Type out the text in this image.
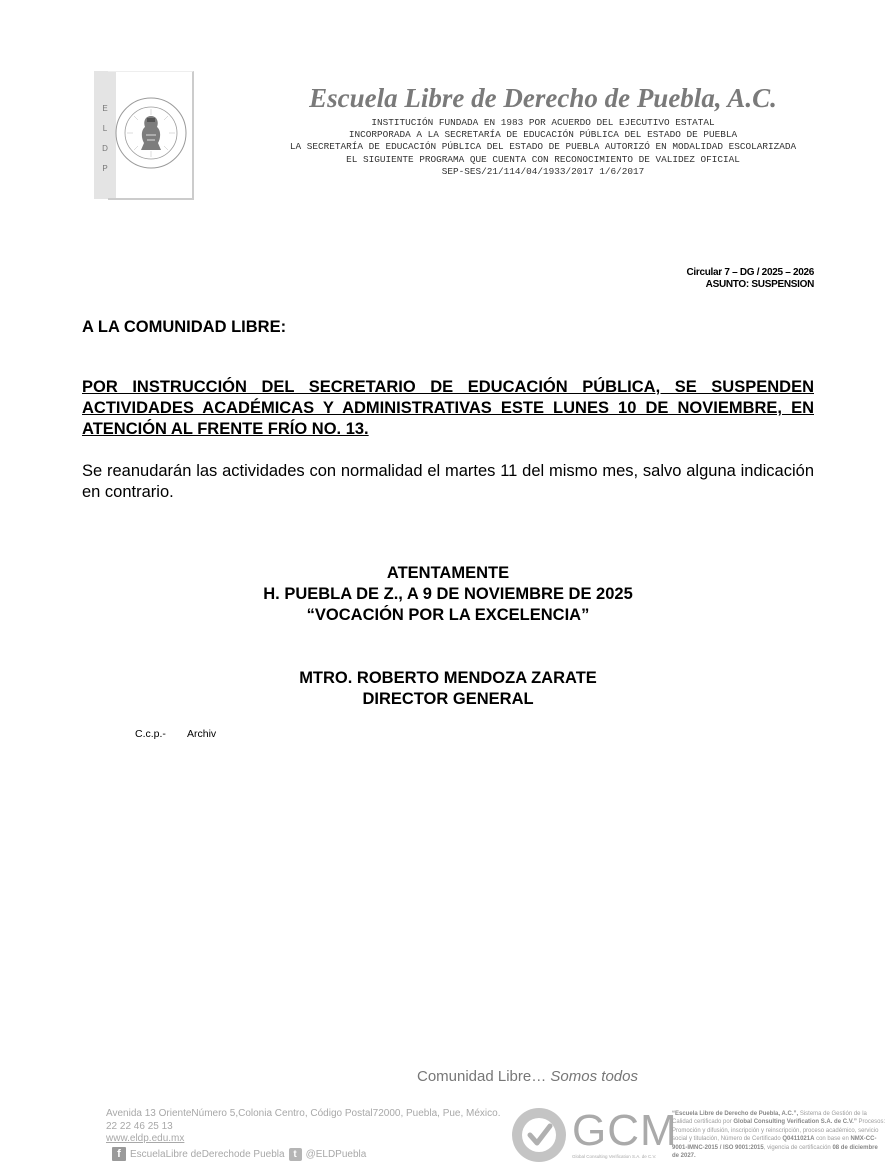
E
L
D
P
Escuela Libre de Derecho de Puebla, A.C.
INSTITUCIÓN FUNDADA EN 1983 POR ACUERDO DEL EJECUTIVO ESTATAL
INCORPORADA A LA SECRETARÍA DE EDUCACIÓN PÚBLICA DEL ESTADO DE PUEBLA
LA SECRETARÍA DE EDUCACIÓN PÚBLICA DEL ESTADO DE PUEBLA AUTORIZÓ EN MODALIDAD ESCOLARIZADA
EL SIGUIENTE PROGRAMA QUE CUENTA CON RECONOCIMIENTO DE VALIDEZ OFICIAL
SEP-SES/21/114/04/1933/2017 1/6/2017
Circular 7 – DG / 2025 – 2026
ASUNTO: SUSPENSION
A LA COMUNIDAD LIBRE:
POR INSTRUCCIÓN DEL SECRETARIO DE EDUCACIÓN PÚBLICA, SE SUSPENDEN ACTIVIDADES ACADÉMICAS Y ADMINISTRATIVAS ESTE LUNES 10 DE NOVIEMBRE, EN ATENCIÓN AL FRENTE FRÍO NO. 13.
Se reanudarán las actividades con normalidad el martes 11 del mismo mes, salvo alguna indicación en contrario.
ATENTAMENTE
H. PUEBLA DE Z., A 9 DE NOVIEMBRE DE 2025
“VOCACIÓN POR LA EXCELENCIA”
MTRO. ROBERTO MENDOZA ZARATE
DIRECTOR GENERAL
C.c.p.- Archiv
Comunidad Libre… Somos todos
Avenida 13 OrienteNúmero 5,Colonia Centro, Código Postal72000, Puebla, Pue, México.
22 22 46 25 13
www.eldp.edu.mx
f EscuelaLibre deDerechode Puebla t @ELDPuebla	GCM
Global Consulting Verification S.A. de C.V.
“Escuela Libre de Derecho de Puebla, A.C.”, Sistema de Gestión de la Calidad certificado por Global Consulting Verification S.A. de C.V.” Procesos: Promoción y difusión, inscripción y reinscripción, proceso académico, servicio social y titulación, Número de Certificado Q0411021A con base en NMX-CC-9001-IMNC-2015 / ISO 9001:2015, vigencia de certificación 08 de diciembre de 2027.
